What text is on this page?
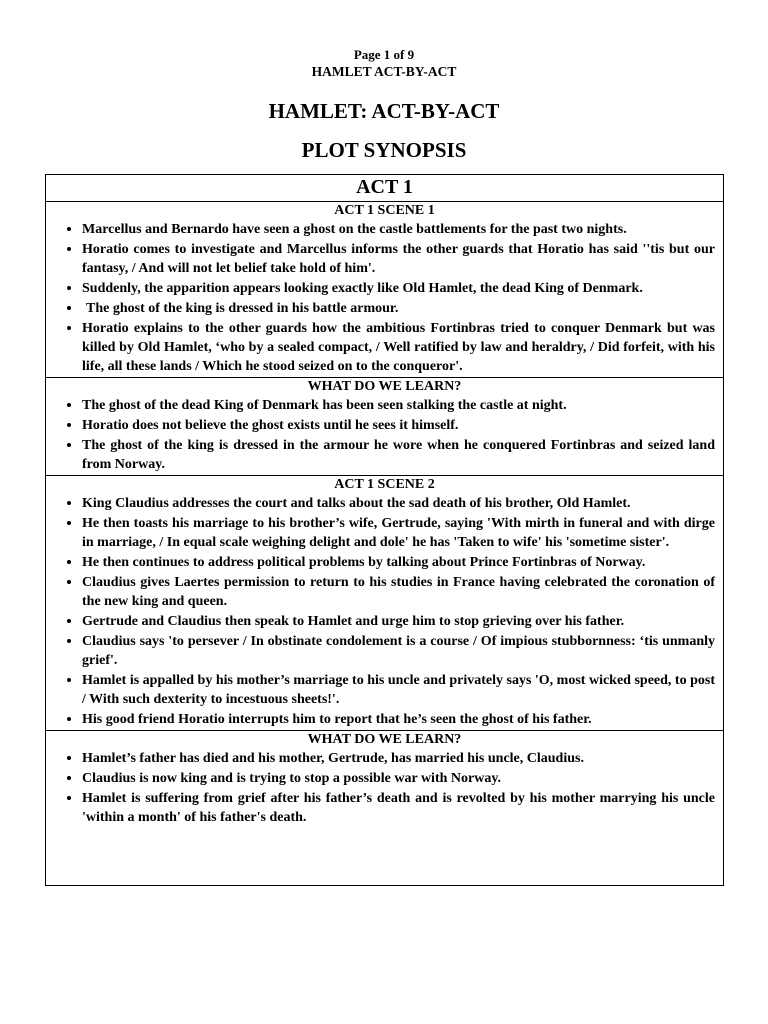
Page 1 of 9
HAMLET ACT-BY-ACT
HAMLET: ACT-BY-ACT
PLOT SYNOPSIS
ACT 1

ACT 1 SCENE 1
• Marcellus and Bernardo have seen a ghost on the castle battlements for the past two nights.
• Horatio comes to investigate and Marcellus informs the other guards that Horatio has said ''tis but our fantasy, / And will not let belief take hold of him'.
• Suddenly, the apparition appears looking exactly like Old Hamlet, the dead King of Denmark.
• The ghost of the king is dressed in his battle armour.
• Horatio explains to the other guards how the ambitious Fortinbras tried to conquer Denmark but was killed by Old Hamlet, ‘who by a sealed compact, / Well ratified by law and heraldry, / Did forfeit, with his life, all these lands / Which he stood seized on to the conqueror'.

WHAT DO WE LEARN?
• The ghost of the dead King of Denmark has been seen stalking the castle at night.
• Horatio does not believe the ghost exists until he sees it himself.
• The ghost of the king is dressed in the armour he wore when he conquered Fortinbras and seized land from Norway.

ACT 1 SCENE 2
• King Claudius addresses the court and talks about the sad death of his brother, Old Hamlet.
• He then toasts his marriage to his brother’s wife, Gertrude, saying 'With mirth in funeral and with dirge in marriage, / In equal scale weighing delight and dole' he has 'Taken to wife' his 'sometime sister'.
• He then continues to address political problems by talking about Prince Fortinbras of Norway.
• Claudius gives Laertes permission to return to his studies in France having celebrated the coronation of the new king and queen.
• Gertrude and Claudius then speak to Hamlet and urge him to stop grieving over his father.
• Claudius says 'to persever / In obstinate condolement is a course / Of impious stubbornness: ‘tis unmanly grief'.
• Hamlet is appalled by his mother’s marriage to his uncle and privately says 'O, most wicked speed, to post / With such dexterity to incestuous sheets!'.
• His good friend Horatio interrupts him to report that he’s seen the ghost of his father.

WHAT DO WE LEARN?
• Hamlet’s father has died and his mother, Gertrude, has married his uncle, Claudius.
• Claudius is now king and is trying to stop a possible war with Norway.
• Hamlet is suffering from grief after his father’s death and is revolted by his mother marrying his uncle 'within a month' of his father's death.
